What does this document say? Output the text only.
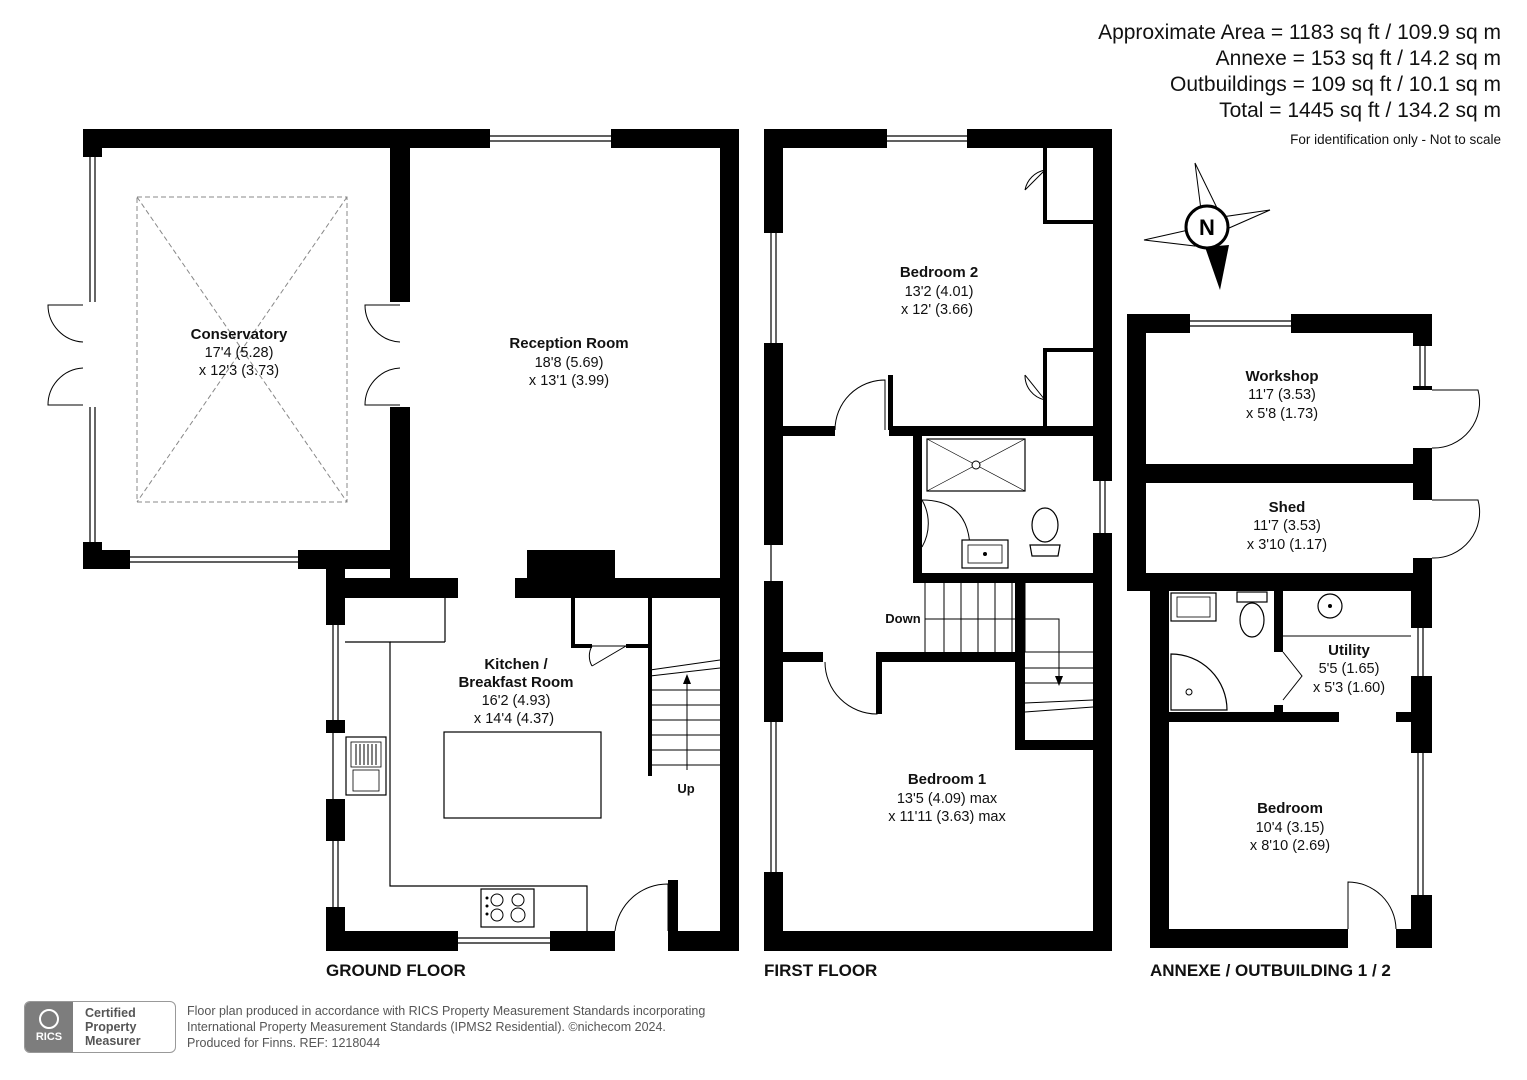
Approximate Area = 1183 sq ft / 109.9 sq m
Annexe = 153 sq ft / 14.2 sq m
Outbuildings = 109 sq ft / 10.1 sq m
Total = 1445 sq ft / 134.2 sq m
For identification only - Not to scale
N
Conservatory
17'4 (5.28)
x 12'3 (3.73)
Reception Room
18'8 (5.69)
x 13'1 (3.99)
Kitchen /
Breakfast Room
16'2 (4.93)
x 14'4 (4.37)
Bedroom 2
13'2 (4.01)
x 12' (3.66)
Bedroom 1
13'5 (4.09) max
x 11'11 (3.63) max
Workshop
11'7 (3.53)
x 5'8 (1.73)
Shed
11'7 (3.53)
x 3'10 (1.17)
Utility
5'5 (1.65)
x 5'3 (1.60)
Bedroom
10'4 (3.15)
x 8'10 (2.69)
Up
Down
GROUND FLOOR	FIRST FLOOR	ANNEXE / OUTBUILDING 1 / 2
RICS
Certified
Property
Measurer
Floor plan produced in accordance with RICS Property Measurement Standards incorporating
International Property Measurement Standards (IPMS2 Residential). ©nichecom 2024.
Produced for Finns. REF: 1218044
